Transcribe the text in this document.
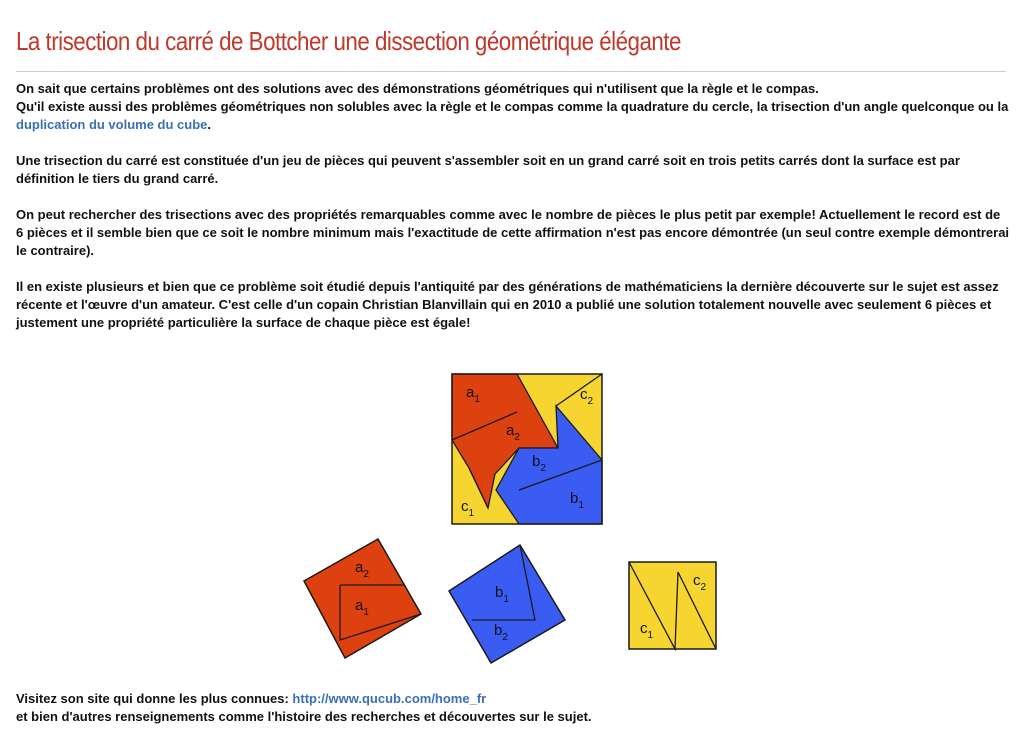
La trisection du carré de Bottcher une dissection géométrique élégante

On sait que certains problèmes ont des solutions avec des démonstrations géométriques qui n'utilisent que la règle et le compas.
Qu'il existe aussi des problèmes géométriques non solubles avec la règle et le compas comme la quadrature du cercle, la trisection d'un angle quelconque ou la duplication du volume du cube.

Une trisection du carré est constituée d'un jeu de pièces qui peuvent s'assembler soit en un grand carré soit en trois petits carrés dont la surface est par définition le tiers du grand carré.

On peut rechercher des trisections avec des propriétés remarquables comme avec le nombre de pièces le plus petit par exemple! Actuellement le record est de 6 pièces et il semble bien que ce soit le nombre minimum mais l'exactitude de cette affirmation n'est pas encore démontrée (un seul contre exemple démontrerai le contraire).

Il en existe plusieurs et bien que ce problème soit étudié depuis l'antiquité par des générations de mathématiciens la dernière découverte sur le sujet est assez récente et l'œuvre d'un amateur. C'est celle d'un copain Christian Blanvillain qui en 2010 a publié une solution totalement nouvelle avec seulement 6 pièces et justement une propriété particulière la surface de chaque pièce est égale!

$a_1$
$a_2$
$b_2$
$b_1$
$c_1$
$c_2$
$a_2$
$a_1$
$b_1$
$b_2$
$c_1$
$c_2$

Visitez son site qui donne les plus connues: http://www.qucub.com/home_fr

et bien d'autres renseignements comme l'histoire des recherches et découvertes sur le sujet.
